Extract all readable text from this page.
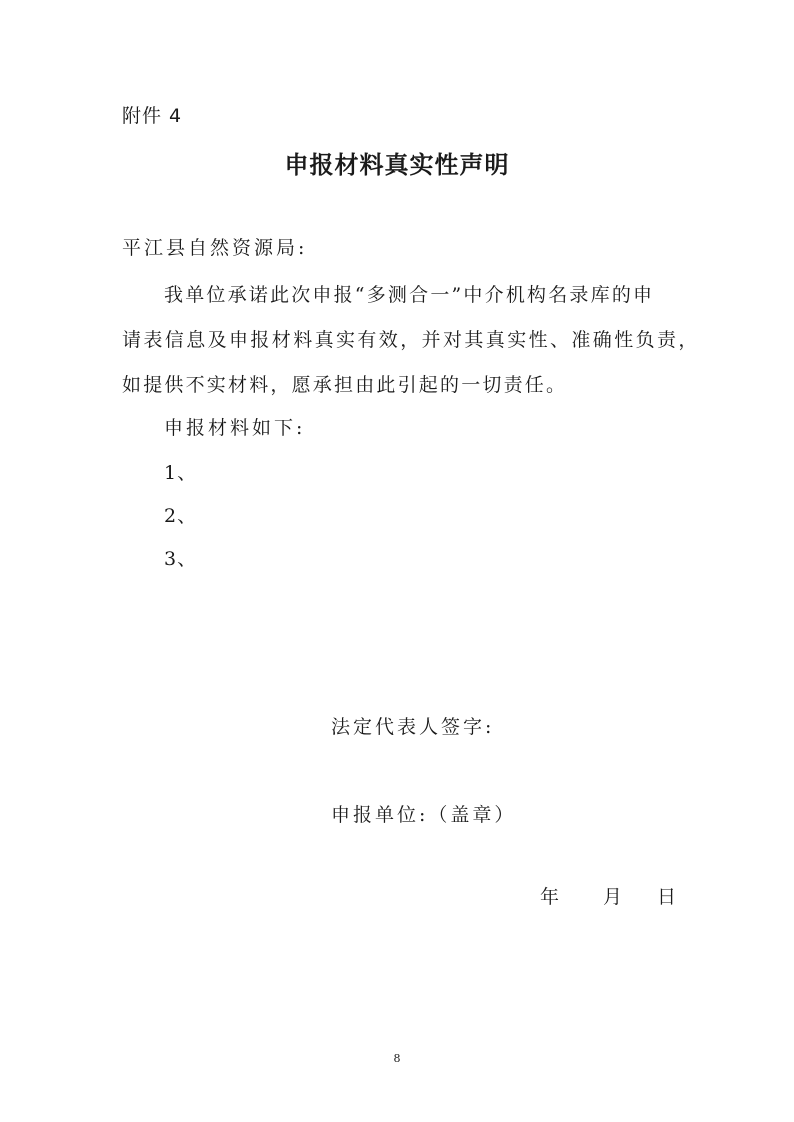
附件 4
申报材料真实性声明
平江县自然资源局:
我单位承诺此次申报“多测合一”中介机构名录库的申
请表信息及申报材料真实有效，并对其真实性、准确性负责，
如提供不实材料，愿承担由此引起的一切责任。
申报材料如下:
1、
2、
3、
法定代表人签字:
申报单位:（盖章）
年 月 日
8
